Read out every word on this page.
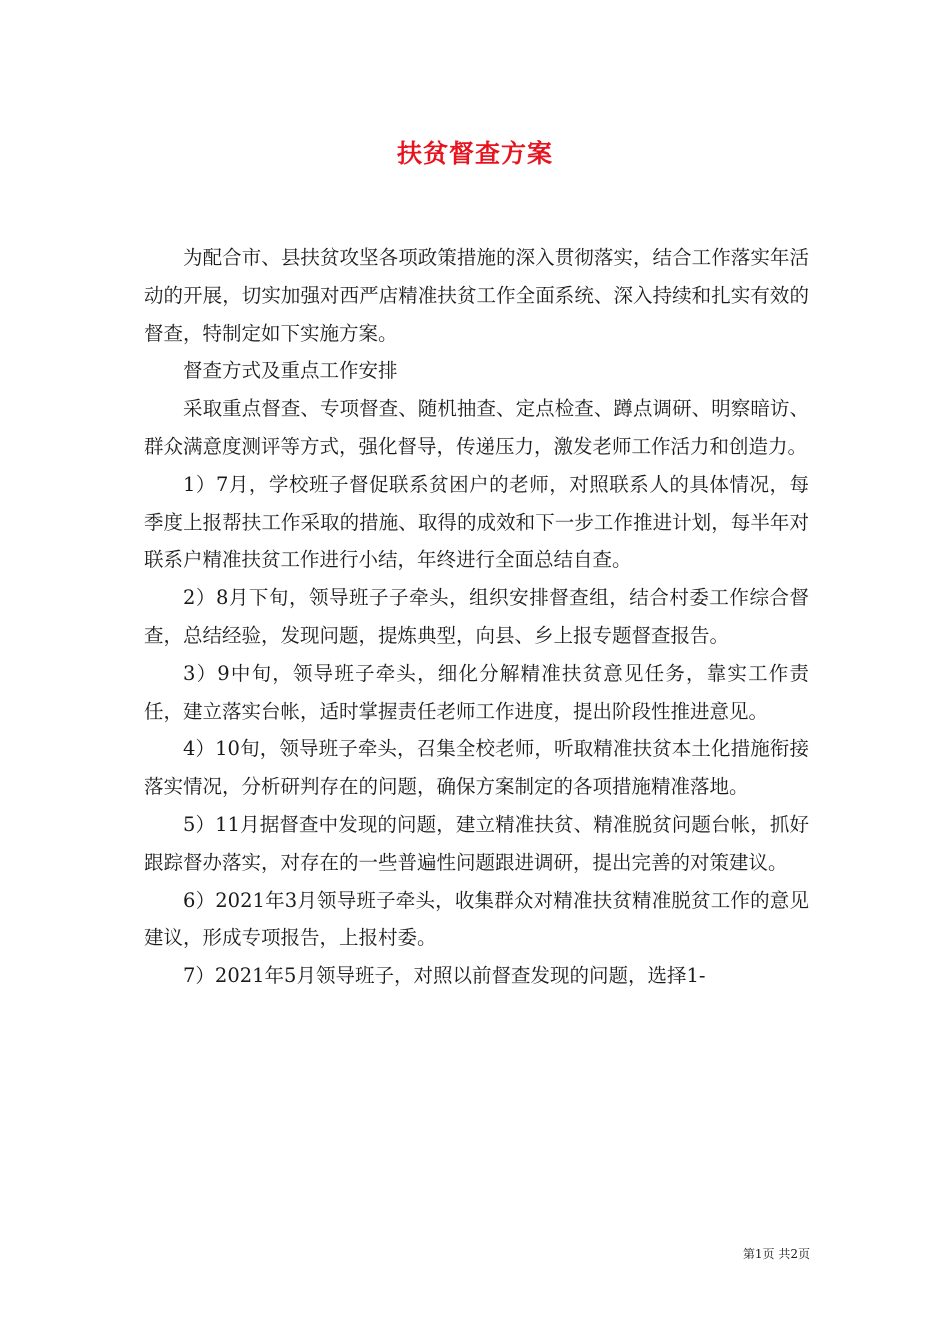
扶贫督查方案

为配合市、县扶贫攻坚各项政策措施的深入贯彻落实，结合工作落实年活动的开展，切实加强对西严店精准扶贫工作全面系统、深入持续和扎实有效的督查，特制定如下实施方案。

督查方式及重点工作安排

采取重点督查、专项督查、随机抽查、定点检查、蹲点调研、明察暗访、群众满意度测评等方式，强化督导，传递压力，激发老师工作活力和创造力。

1）7月，学校班子督促联系贫困户的老师，对照联系人的具体情况，每季度上报帮扶工作采取的措施、取得的成效和下一步工作推进计划，每半年对联系户精准扶贫工作进行小结，年终进行全面总结自查。

2）8月下旬，领导班子子牵头，组织安排督查组，结合村委工作综合督查，总结经验，发现问题，提炼典型，向县、乡上报专题督查报告。

3）9中旬，领导班子牵头，细化分解精准扶贫意见任务，靠实工作责任，建立落实台帐，适时掌握责任老师工作进度，提出阶段性推进意见。

4）10旬，领导班子牵头，召集全校老师，听取精准扶贫本土化措施衔接落实情况，分析研判存在的问题，确保方案制定的各项措施精准落地。

5）11月据督查中发现的问题，建立精准扶贫、精准脱贫问题台帐，抓好跟踪督办落实，对存在的一些普遍性问题跟进调研，提出完善的对策建议。

6）2021年3月领导班子牵头，收集群众对精准扶贫精准脱贫工作的意见建议，形成专项报告，上报村委。

7）2021年5月领导班子，对照以前督查发现的问题，选择1-

第1页 共2页
